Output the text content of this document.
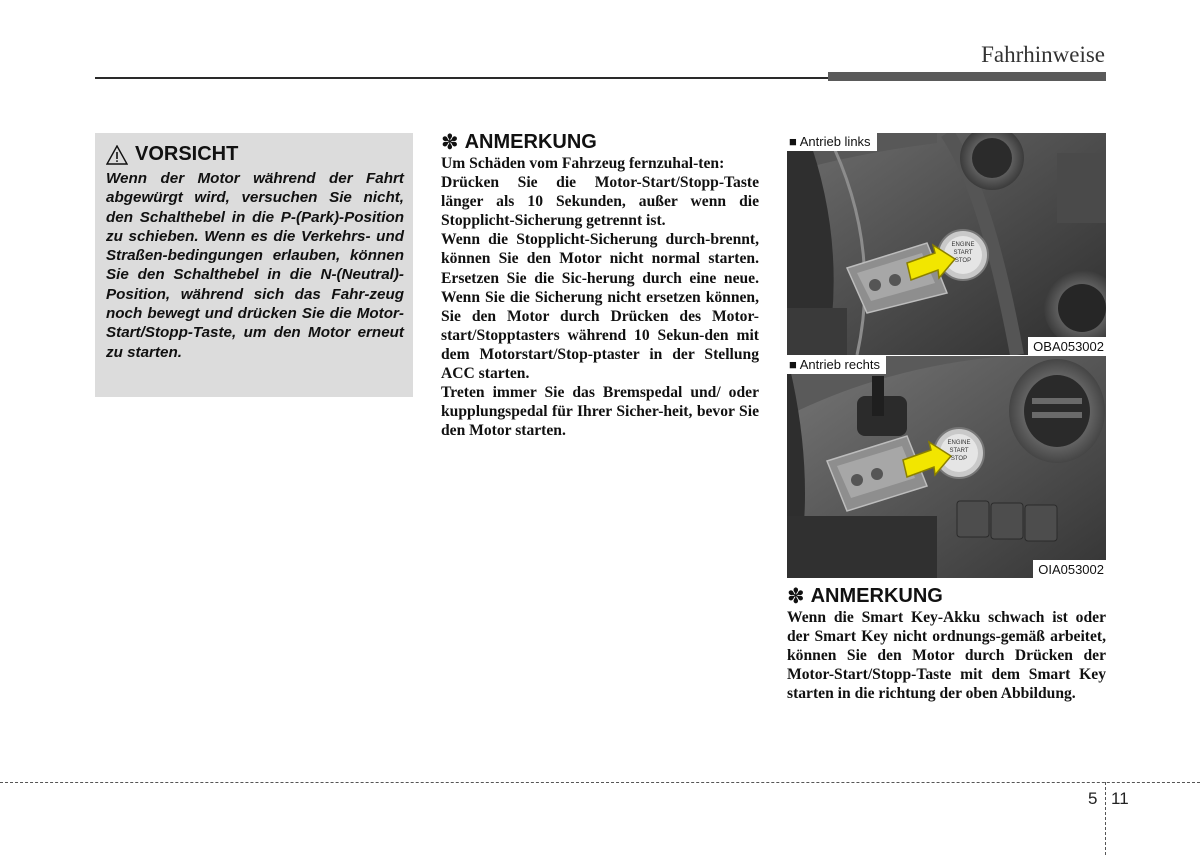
Fahrhinweise
VORSICHT

Wenn der Motor während der Fahrt abgewürgt wird, versuchen Sie nicht, den Schalthebel in die P-(Park)-Position zu schieben. Wenn es die Verkehrs- und Straßen-bedingungen erlauben, können Sie den Schalthebel in die N-(Neutral)-Position, während sich das Fahr-zeug noch bewegt und drücken Sie die Motor-Start/Stopp-Taste, um den Motor erneut zu starten.

✽ ANMERKUNG

Um Schäden vom Fahrzeug fernzuhal-ten:

Drücken Sie die Motor-Start/Stopp-Taste länger als 10 Sekunden, außer wenn die Stopplicht-Sicherung getrennt ist.

Wenn die Stopplicht-Sicherung durch-brennt, können Sie den Motor nicht normal starten. Ersetzen Sie die Sic-herung durch eine neue. Wenn Sie die Sicherung nicht ersetzen können, Sie den Motor durch Drücken des Motor-start/Stopptasters während 10 Sekun-den mit dem Motorstart/Stop-ptaster in der Stellung ACC starten.

Treten immer Sie das Bremspedal und/ oder kupplungspedal für Ihrer Sicher-heit, bevor Sie den Motor starten.

ENGINE
START
STOP
■ Antrieb links
OBA053002
ENGINE
START
STOP
■ Antrieb rechts
OIA053002
✽ ANMERKUNG

Wenn die Smart Key-Akku schwach ist oder der Smart Key nicht ordnungs-gemäß arbeitet, können Sie den Motor durch Drücken der Motor-Start/Stopp-Taste mit dem Smart Key starten in die richtung der oben Abbildung.

5 11
